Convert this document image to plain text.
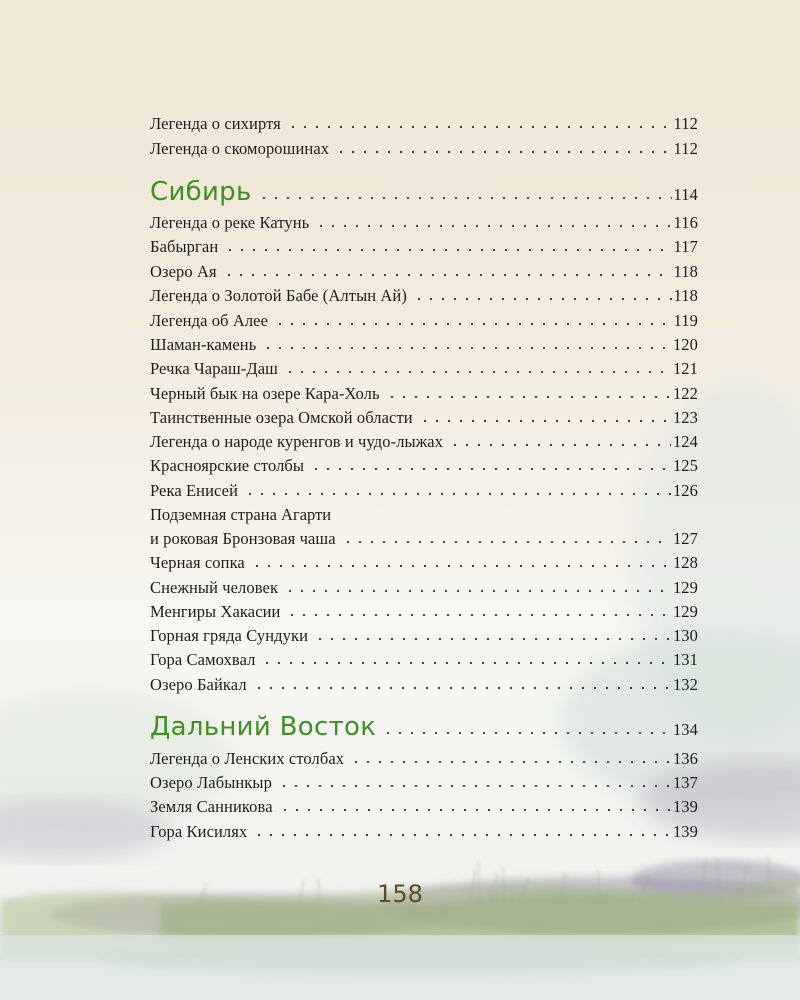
Легенда о сихиртя	112
Легенда о скоморошинах	112
Сибирь	114
Легенда о реке Катунь	116
Бабырган	117
Озеро Ая	118
Легенда о Золотой Бабе (Алтын Ай)	118
Легенда об Алее	119
Шаман-камень	120
Речка Чараш-Даш	121
Черный бык на озере Кара-Холь	122
Таинственные озера Омской области	123
Легенда о народе куренгов и чудо-лыжах	124
Красноярские столбы	125
Река Енисей	126
Подземная страна Агарти
и роковая Бронзовая чаша	127
Черная сопка	128
Снежный человек	129
Менгиры Хакасии	129
Горная гряда Сундуки	130
Гора Самохвал	131
Озеро Байкал	132
Дальний Восток	134
Легенда о Ленских столбах	136
Озеро Лабынкыр	137
Земля Санникова	139
Гора Кисилях	139
158
